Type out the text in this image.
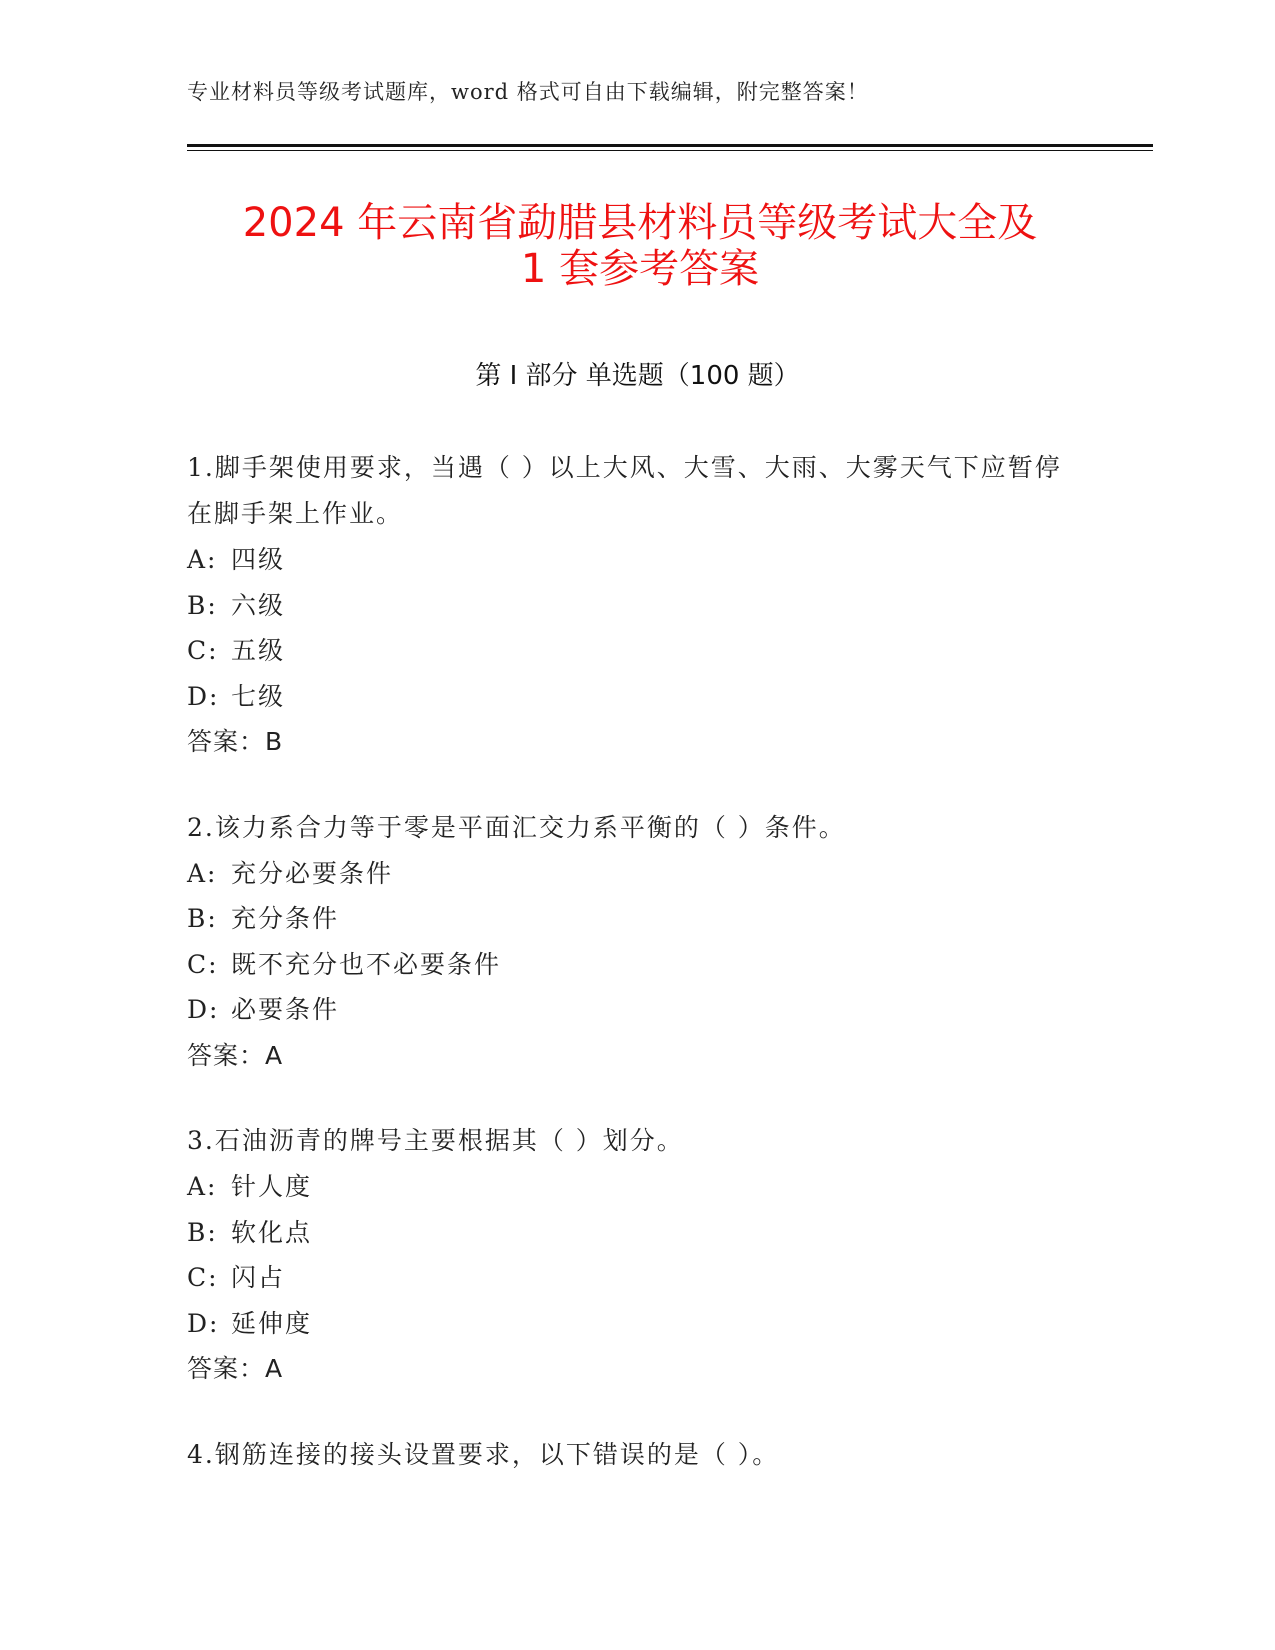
专业材料员等级考试题库，word 格式可自由下载编辑，附完整答案！
2024 年云南省勐腊县材料员等级考试大全及
1 套参考答案
第 I 部分 单选题（100 题）
1.脚手架使用要求，当遇（ ）以上大风、大雪、大雨、大雾天气下应暂停在脚手架上作业。
A: 四级
B: 六级
C: 五级
D: 七级
答案：B
2.该力系合力等于零是平面汇交力系平衡的（ ）条件。
A: 充分必要条件
B: 充分条件
C: 既不充分也不必要条件
D: 必要条件
答案：A
3.石油沥青的牌号主要根据其（ ）划分。
A: 针人度
B: 软化点
C: 闪占
D: 延伸度
答案：A
4.钢筋连接的接头设置要求，以下错误的是（ ）。
